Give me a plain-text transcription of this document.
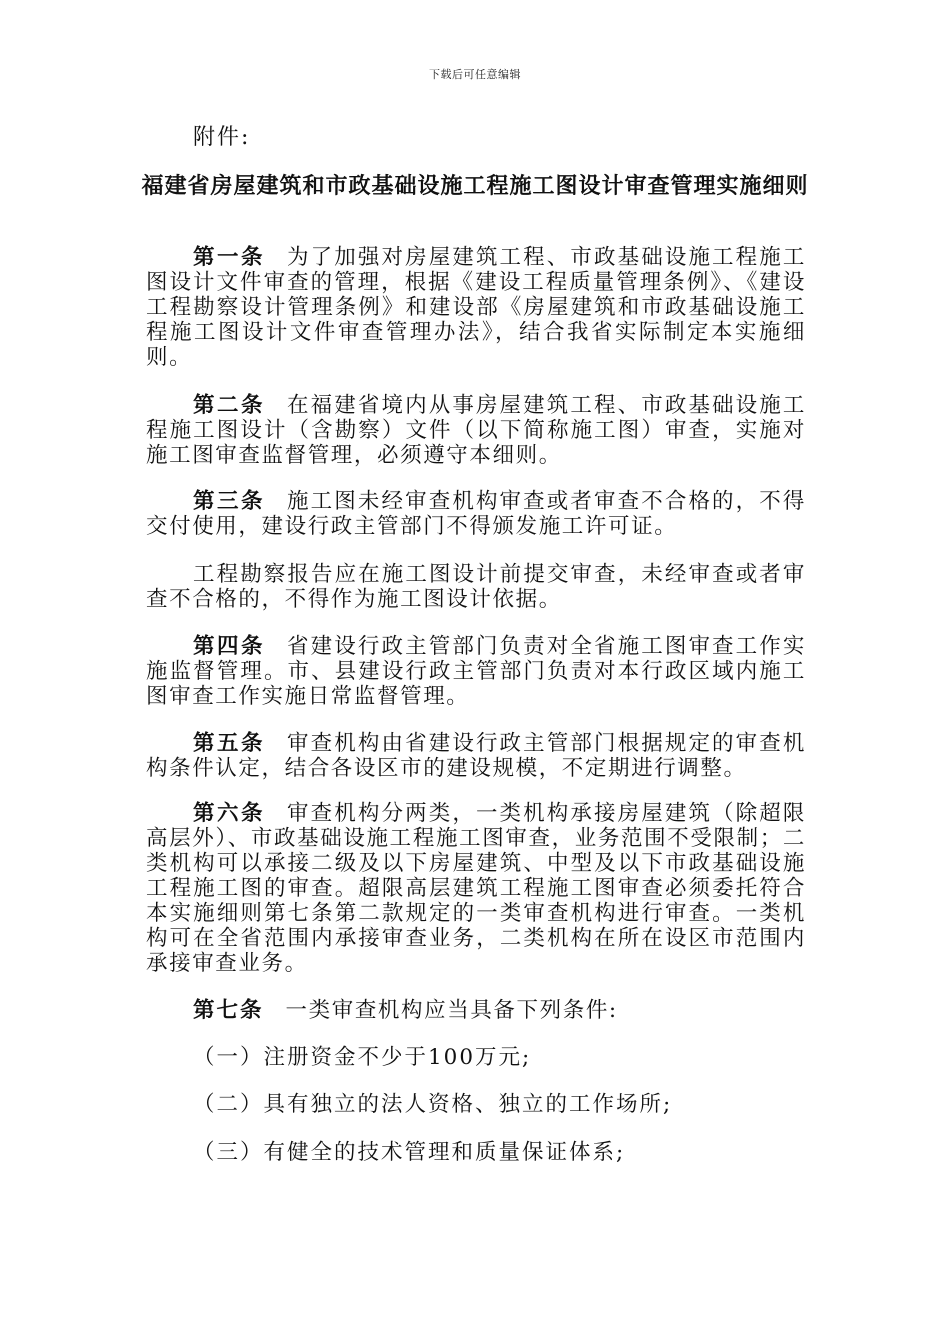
下载后可任意编辑
附件:
福建省房屋建筑和市政基础设施工程施工图设计审查管理实施细则
第一条 为了加强对房屋建筑工程、市政基础设施工程施工图设计文件审查的管理，根据《建设工程质量管理条例》、《建设工程勘察设计管理条例》和建设部《房屋建筑和市政基础设施工程施工图设计文件审查管理办法》，结合我省实际制定本实施细则。
第二条 在福建省境内从事房屋建筑工程、市政基础设施工程施工图设计（含勘察）文件（以下简称施工图）审查，实施对施工图审查监督管理，必须遵守本细则。
第三条 施工图未经审查机构审查或者审查不合格的，不得交付使用，建设行政主管部门不得颁发施工许可证。
工程勘察报告应在施工图设计前提交审查，未经审查或者审查不合格的，不得作为施工图设计依据。
第四条 省建设行政主管部门负责对全省施工图审查工作实施监督管理。市、县建设行政主管部门负责对本行政区域内施工图审查工作实施日常监督管理。
第五条 审查机构由省建设行政主管部门根据规定的审查机构条件认定，结合各设区市的建设规模，不定期进行调整。
第六条 审查机构分两类，一类机构承接房屋建筑（除超限高层外）、市政基础设施工程施工图审查，业务范围不受限制；二类机构可以承接二级及以下房屋建筑、中型及以下市政基础设施工程施工图的审查。超限高层建筑工程施工图审查必须委托符合本实施细则第七条第二款规定的一类审查机构进行审查。一类机构可在全省范围内承接审查业务，二类机构在所在设区市范围内承接审查业务。
第七条 一类审查机构应当具备下列条件:
（一）注册资金不少于100万元;
（二）具有独立的法人资格、独立的工作场所;
（三）有健全的技术管理和质量保证体系;
